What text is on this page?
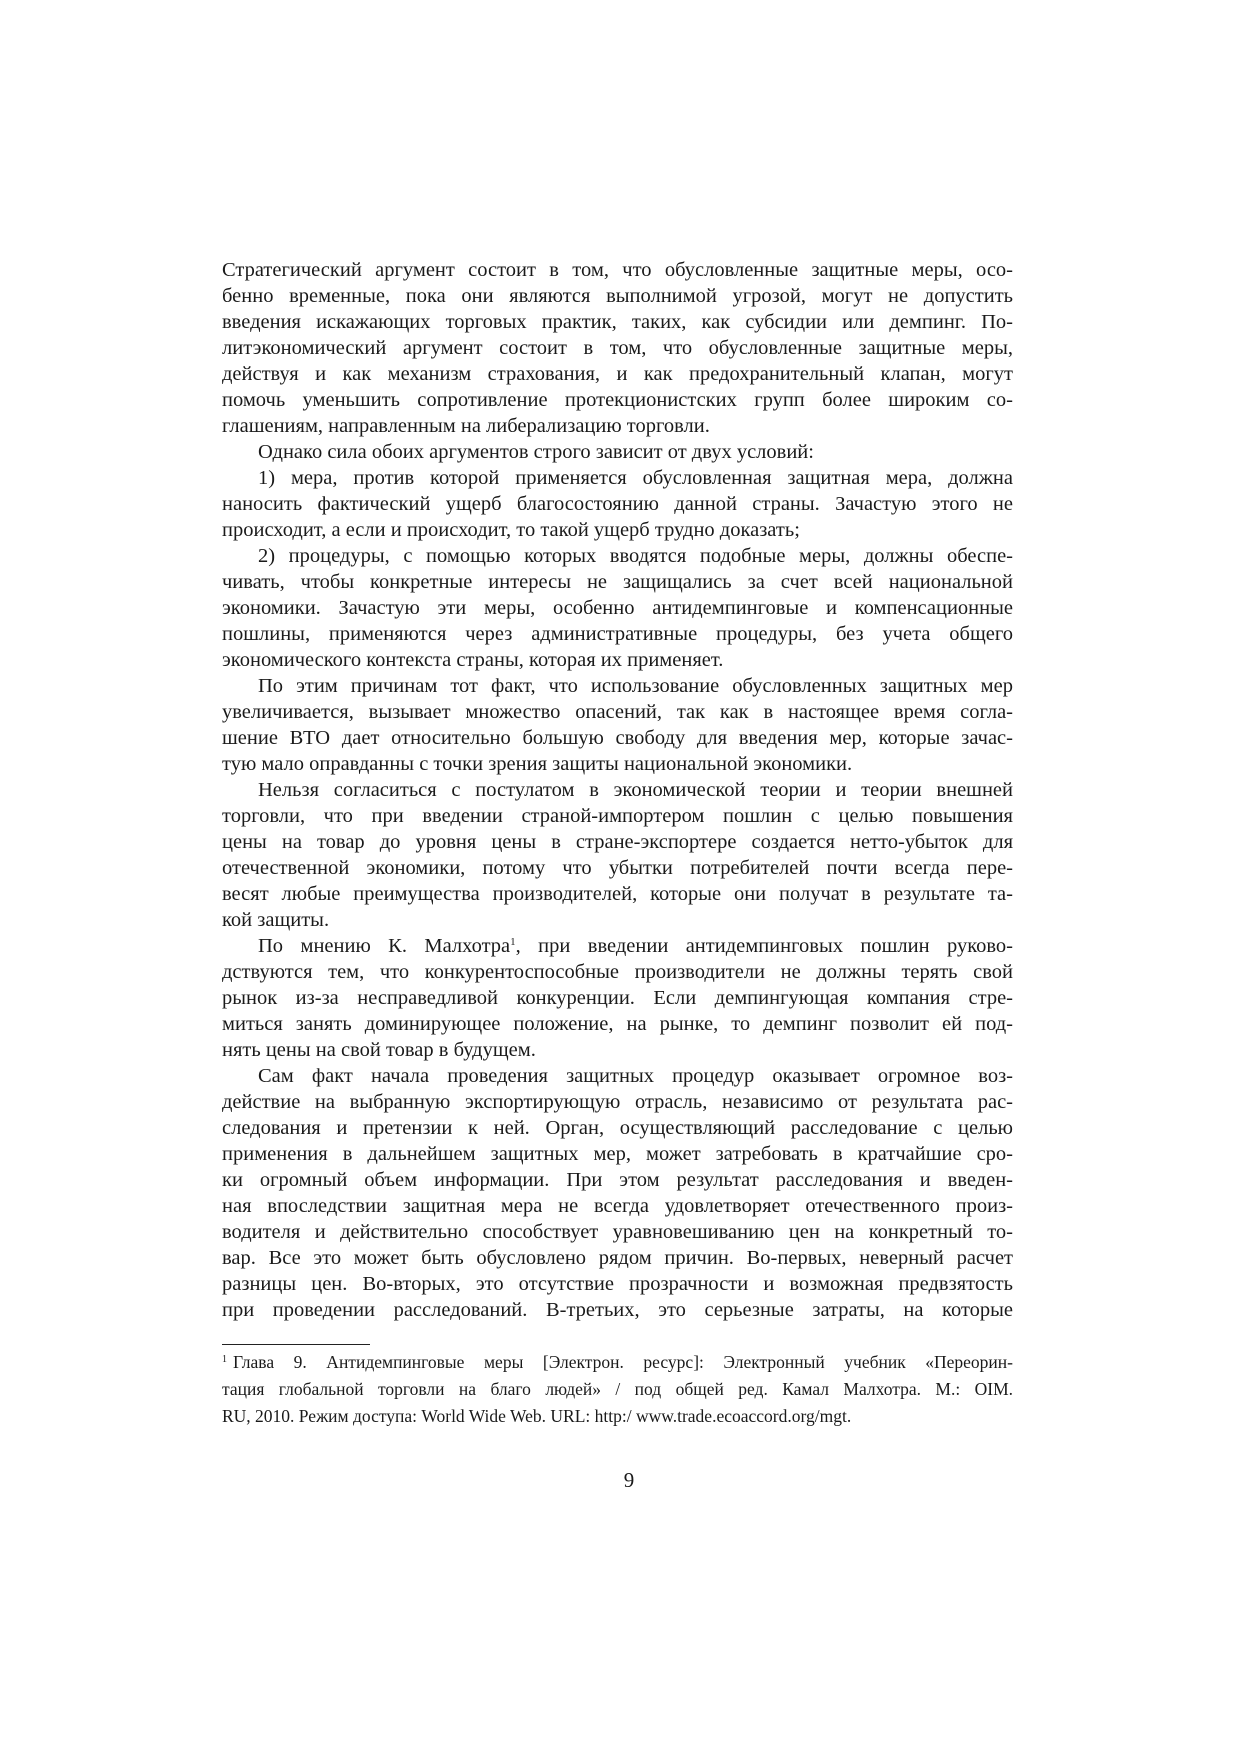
Стратегический аргумент состоит в том, что обусловленные защитные меры, осо-
бенно временные, пока они являются выполнимой угрозой, могут не допустить
введения искажающих торговых практик, таких, как субсидии или демпинг. По-
литэкономический аргумент состоит в том, что обусловленные защитные меры,
действуя и как механизм страхования, и как предохранительный клапан, могут
помочь уменьшить сопротивление протекционистских групп более широким со-
глашениям, направленным на либерализацию торговли.
Однако сила обоих аргументов строго зависит от двух условий:
1) мера, против которой применяется обусловленная защитная мера, должна
наносить фактический ущерб благосостоянию данной страны. Зачастую этого не
происходит, а если и происходит, то такой ущерб трудно доказать;
2) процедуры, с помощью которых вводятся подобные меры, должны обеспе-
чивать, чтобы конкретные интересы не защищались за счет всей национальной
экономики. Зачастую эти меры, особенно антидемпинговые и компенсационные
пошлины, применяются через административные процедуры, без учета общего
экономического контекста страны, которая их применяет.
По этим причинам тот факт, что использование обусловленных защитных мер
увеличивается, вызывает множество опасений, так как в настоящее время согла-
шение ВТО дает относительно большую свободу для введения мер, которые зачас-
тую мало оправданны с точки зрения защиты национальной экономики.
Нельзя согласиться с постулатом в экономической теории и теории внешней
торговли, что при введении страной-импортером пошлин с целью повышения
цены на товар до уровня цены в стране-экспортере создается нетто-убыток для
отечественной экономики, потому что убытки потребителей почти всегда пере-
весят любые преимущества производителей, которые они получат в результате та-
кой защиты.
По мнению К. Малхотра$^1$, при введении антидемпинговых пошлин руково-
дствуются тем, что конкурентоспособные производители не должны терять свой
рынок из-за несправедливой конкуренции. Если демпингующая компания стре-
миться занять доминирующее положение, на рынке, то демпинг позволит ей под-
нять цены на свой товар в будущем.
Сам факт начала проведения защитных процедур оказывает огромное воз-
действие на выбранную экспортирующую отрасль, независимо от результата рас-
следования и претензии к ней. Орган, осуществляющий расследование с целью
применения в дальнейшем защитных мер, может затребовать в кратчайшие сро-
ки огромный объем информации. При этом результат расследования и введен-
ная впоследствии защитная мера не всегда удовлетворяет отечественного произ-
водителя и действительно способствует уравновешиванию цен на конкретный то-
вар. Все это может быть обусловлено рядом причин. Во-первых, неверный расчет
разницы цен. Во-вторых, это отсутствие прозрачности и возможная предвзятость
при проведении расследований. В-третьих, это серьезные затраты, на которые
$^1$ Глава 9. Антидемпинговые меры [Электрон. ресурс]: Электронный учебник «Переорин-
тация глобальной торговли на благо людей» / под общей ред. Камал Малхотра. М.: OIM.
RU, 2010. Режим доступа: World Wide Web. URL: http:/ www.trade.ecoaccord.org/mgt.
9
